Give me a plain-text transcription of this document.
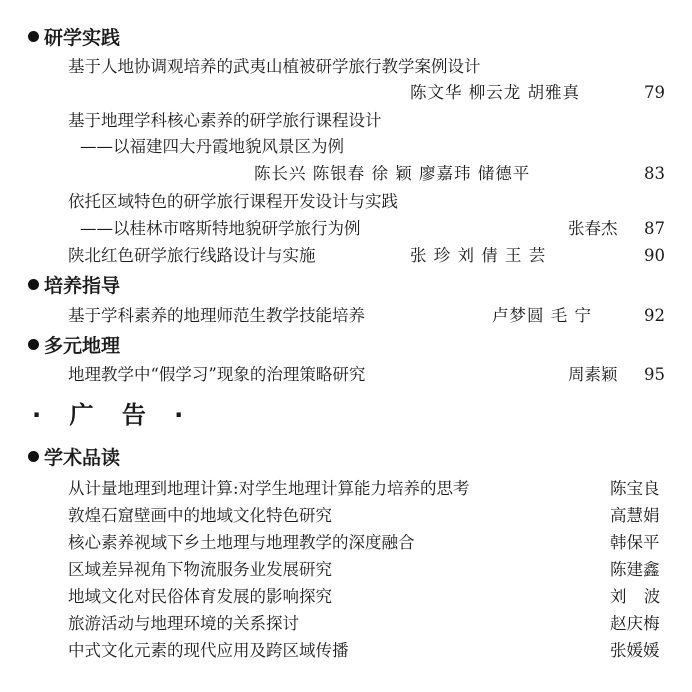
研学实践
基于人地协调观培养的武夷山植被研学旅行教学案例设计
陈文华 柳云龙 胡雅真	79
基于地理学科核心素养的研学旅行课程设计
——以福建四大丹霞地貌风景区为例
陈长兴 陈银春 徐 颖 廖嘉玮 储德平	83
依托区域特色的研学旅行课程开发设计与实践
——以桂林市喀斯特地貌研学旅行为例	张春杰 87
陕北红色研学旅行线路设计与实施	张 珍 刘 倩 王 芸	90
培养指导
基于学科素养的地理师范生教学技能培养	卢梦圆 毛 宁	92
多元地理
地理教学中“假学习”现象的治理策略研究	周素颖 95
· 广 告 ·
学术品读
从计量地理到地理计算:对学生地理计算能力培养的思考	陈宝良
敦煌石窟壁画中的地域文化特色研究	高慧娟
核心素养视域下乡土地理与地理教学的深度融合	韩保平
区域差异视角下物流服务业发展研究	陈建鑫
地域文化对民俗体育发展的影响探究	刘 波
旅游活动与地理环境的关系探讨	赵庆梅
中式文化元素的现代应用及跨区域传播	张媛媛
